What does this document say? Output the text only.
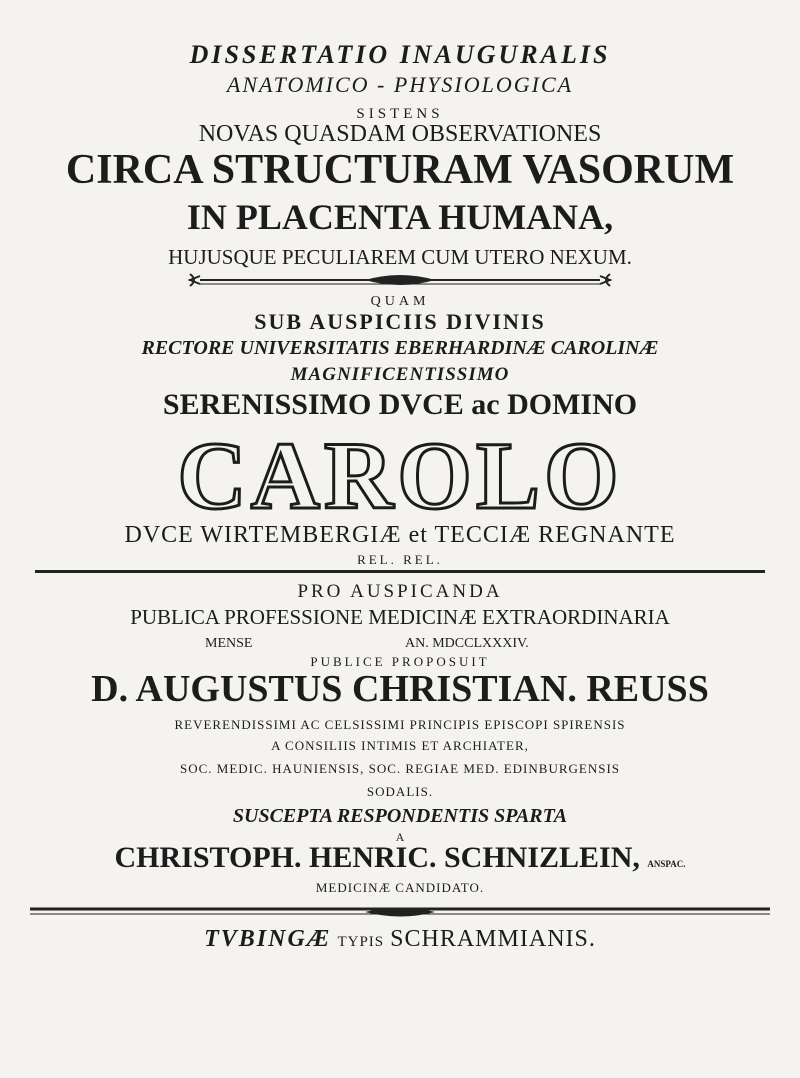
DISSERTATIO INAUGURALIS
ANATOMICO - PHYSIOLOGICA
SISTENS
NOVAS QUASDAM OBSERVATIONES
CIRCA STRUCTURAM VASORUM
IN PLACENTA HUMANA,
HUJUSQUE PECULIAREM CUM UTERO NEXUM.
QUAM
SUB AUSPICIIS DIVINIS
RECTORE UNIVERSITATIS EBERHARDINÆ CAROLINÆ
MAGNIFICENTISSIMO
SERENISSIMO DVCE ac DOMINO
CAROLO
DVCE WIRTEMBERGIÆ et TECCIÆ REGNANTE
REL. REL.
PRO AUSPICANDA
PUBLICA PROFESSIONE MEDICINÆ EXTRAORDINARIA
MENSE	AN. MDCCLXXXIV.
PUBLICE PROPOSUIT
D. AUGUSTUS CHRISTIAN. REUSS
REVERENDISSIMI AC CELSISSIMI PRINCIPIS EPISCOPI SPIRENSIS
A CONSILIIS INTIMIS ET ARCHIATER,
SOC. MEDIC. HAUNIENSIS, SOC. REGIAE MED. EDINBURGENSIS
SODALIS.
SUSCEPTA RESPONDENTIS SPARTA
A
CHRISTOPH. HENRIC. SCHNIZLEIN, ANSPAC.
MEDICINÆ CANDIDATO.
TVBINGÆ TYPIS SCHRAMMIANIS.
